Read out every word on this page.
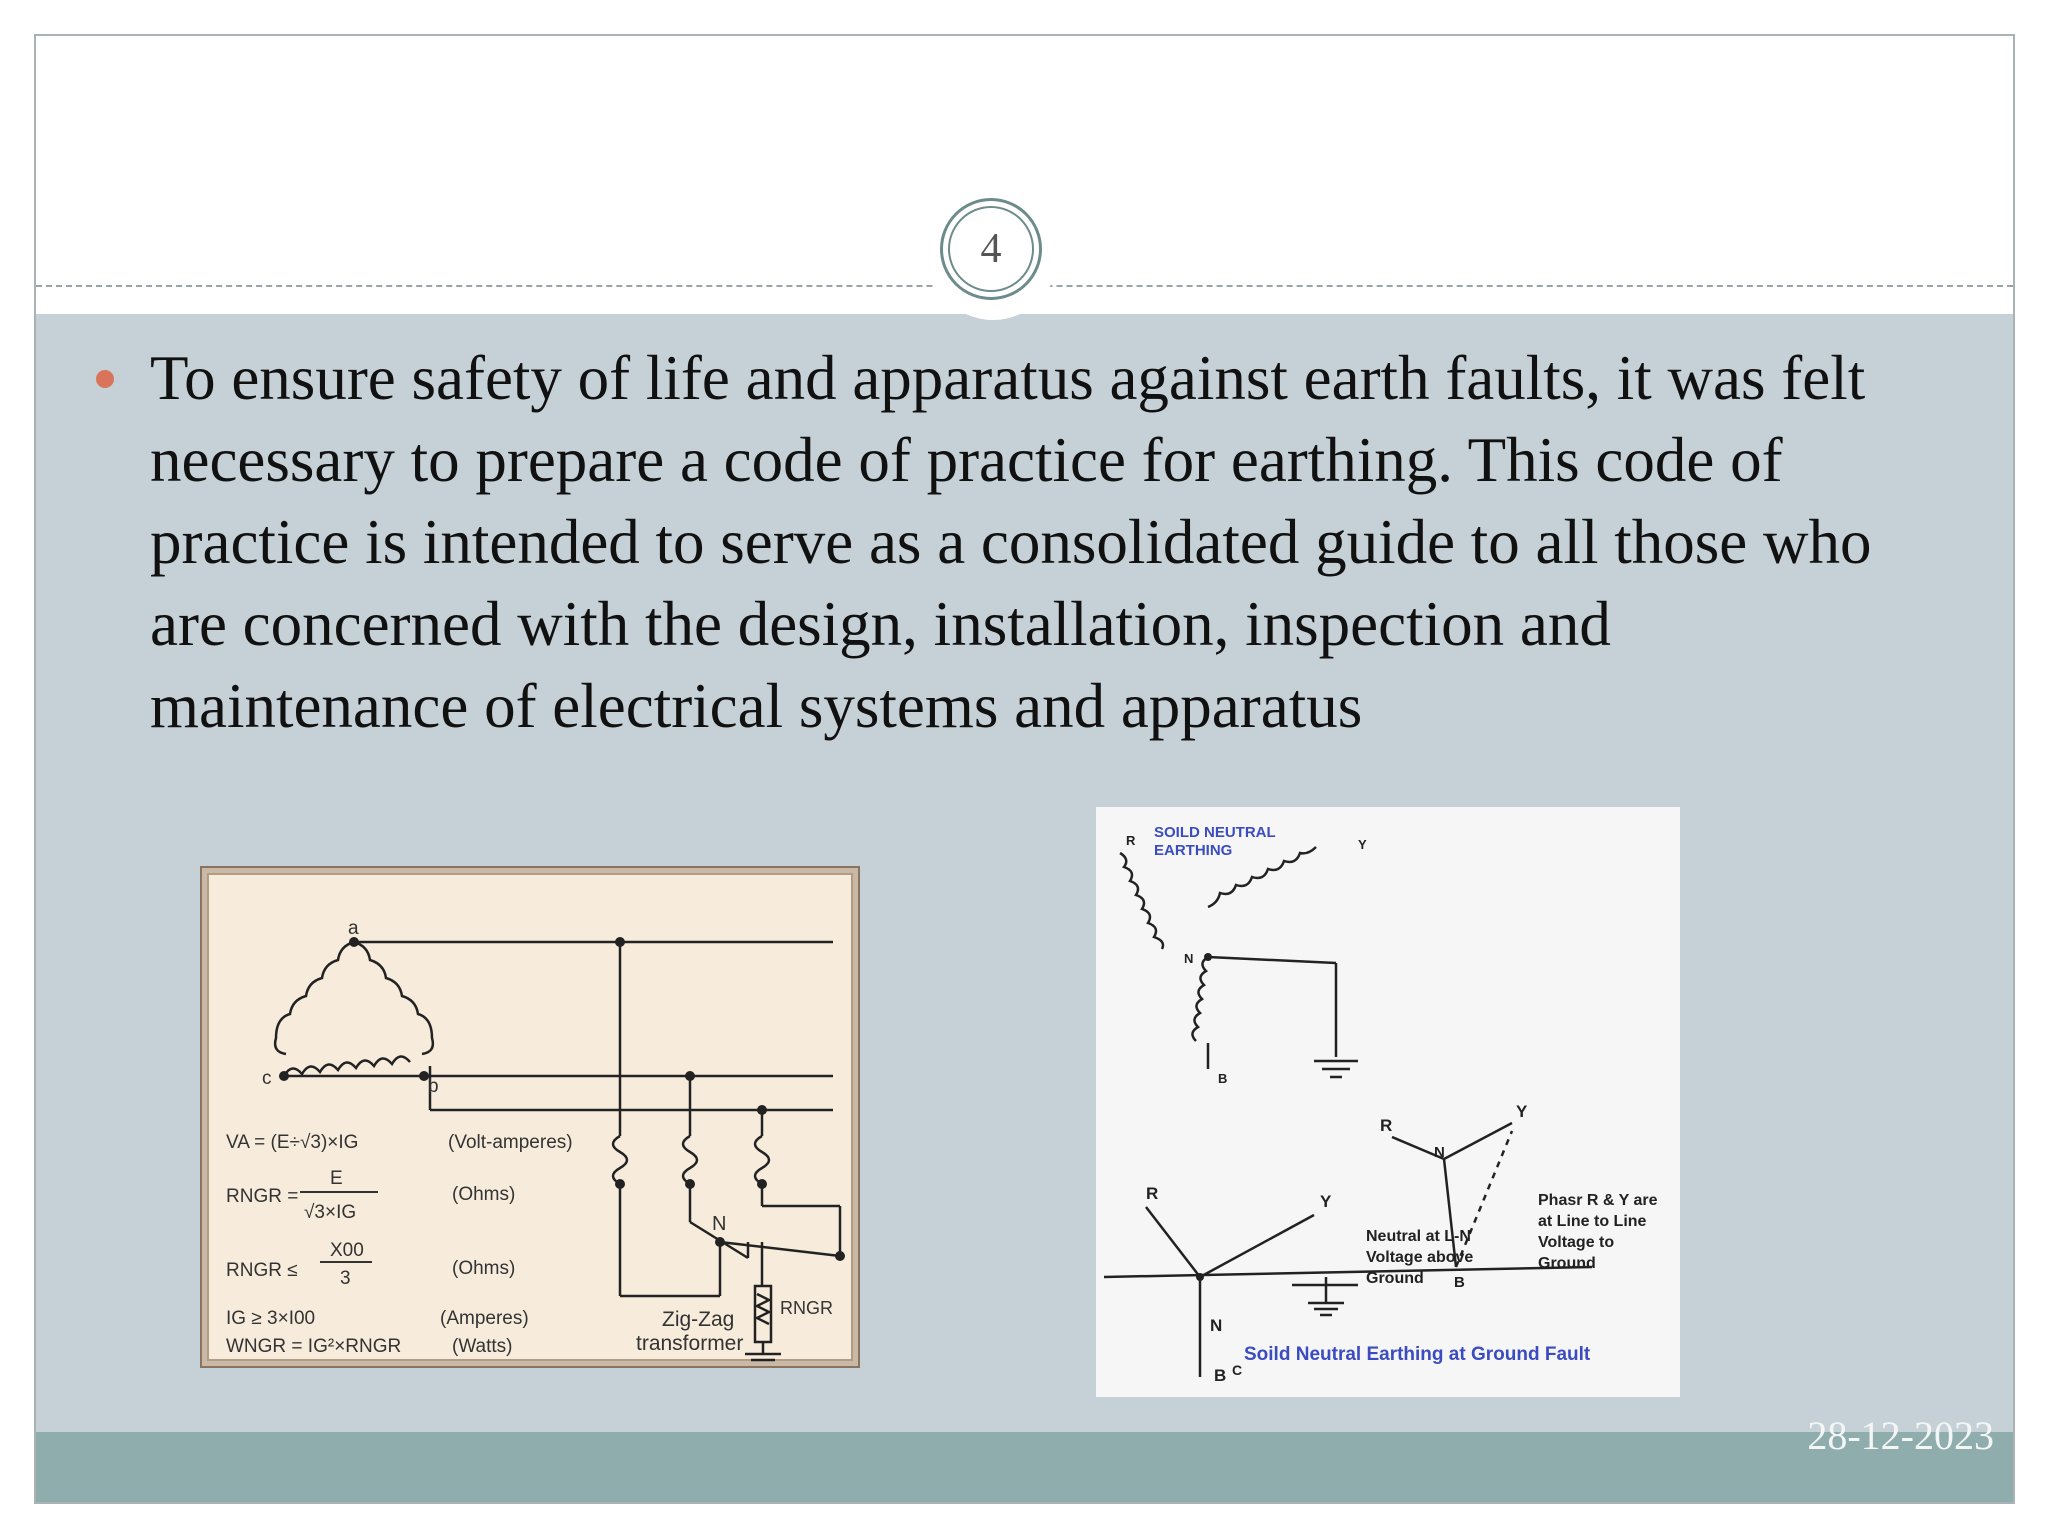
4
To ensure safety of life and apparatus against earth faults, it was felt necessary to prepare a code of practice for earthing. This code of practice is intended to serve as a consolidated guide to all those who are concerned with the design, installation, inspection and maintenance of electrical systems and apparatus
a
c	b
N
VA = (E÷√3)×IG	(Volt-amperes)
RNGR =
E
√3×IG
(Ohms)
RNGR ≤
X00
3	(Ohms)
IG ≥ 3×I00	(Amperes)
WNGR = IG²×RNGR	(Watts)
Zig-Zag
transformer
RNGR
SOILD NEUTRAL
EARTHING
R	Y
N
B
R	Y
N
B C
R
Y
N
B
Neutral at L-N
Voltage above
Ground
Phasr R & Y are
at Line to Line
Voltage to
Ground
Soild Neutral Earthing at Ground Fault
28-12-2023
